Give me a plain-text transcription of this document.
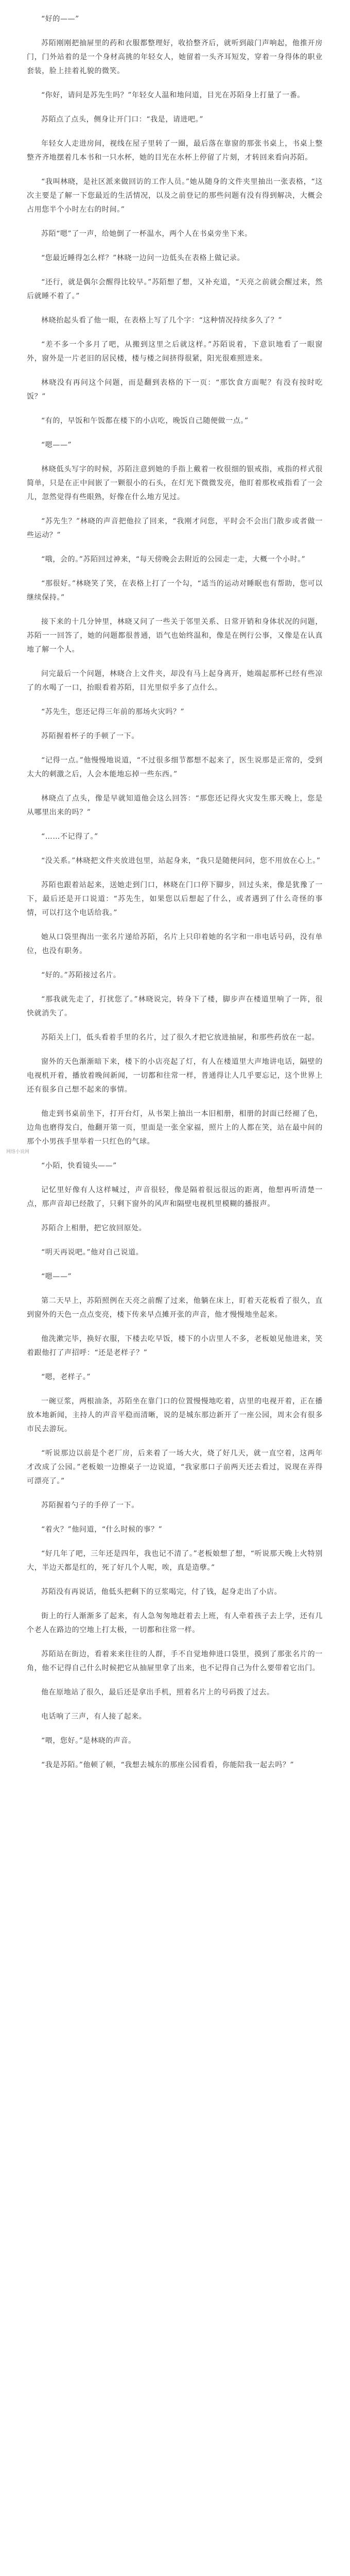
“好的——”

苏陌刚刚把抽屉里的药和衣服都整理好，收拾整齐后，就听到敲门声响起，他推开房门，门外站着的是一个身材高挑的年轻女人，她留着一头齐耳短发，穿着一身得体的职业套装，脸上挂着礼貌的微笑。

“你好，请问是苏先生吗？”年轻女人温和地问道，目光在苏陌身上打量了一番。

苏陌点了点头，侧身让开门口：“我是，请进吧。”

年轻女人走进房间，视线在屋子里转了一圈，最后落在靠窗的那张书桌上，书桌上整整齐齐地摆着几本书和一只水杯，她的目光在水杯上停留了片刻，才转回来看向苏陌。

“我叫林晓，是社区派来做回访的工作人员。”她从随身的文件夹里抽出一张表格，“这次主要是了解一下您最近的生活情况，以及之前登记的那些问题有没有得到解决，大概会占用您半个小时左右的时间。”

苏陌“嗯”了一声，给她倒了一杯温水，两个人在书桌旁坐下来。

“您最近睡得怎么样？”林晓一边问一边低头在表格上做记录。

“还行，就是偶尔会醒得比较早。”苏陌想了想，又补充道，“天亮之前就会醒过来，然后就睡不着了。”

林晓抬起头看了他一眼，在表格上写了几个字：“这种情况持续多久了？”

“差不多一个多月了吧，从搬到这里之后就这样。”苏陌说着，下意识地看了一眼窗外，窗外是一片老旧的居民楼，楼与楼之间挤得很紧，阳光很难照进来。

林晓没有再问这个问题，而是翻到表格的下一页：“那饮食方面呢？有没有按时吃饭？”

“有的，早饭和午饭都在楼下的小店吃，晚饭自己随便做一点。”

“嗯——”

林晓低头写字的时候，苏陌注意到她的手指上戴着一枚很细的银戒指，戒指的样式很简单，只是在正中间嵌了一颗很小的石头，在灯光下微微发亮，他盯着那枚戒指看了一会儿，忽然觉得有些眼熟，好像在什么地方见过。

“苏先生？”林晓的声音把他拉了回来，“我刚才问您，平时会不会出门散步或者做一些运动？”

“哦，会的。”苏陌回过神来，“每天傍晚会去附近的公园走一走，大概一个小时。”

“那很好。”林晓笑了笑，在表格上打了一个勾，“适当的运动对睡眠也有帮助，您可以继续保持。”

接下来的十几分钟里，林晓又问了一些关于邻里关系、日常开销和身体状况的问题，苏陌一一回答了，她的问题都很普通，语气也始终温和，像是在例行公事，又像是在认真地了解一个人。

问完最后一个问题，林晓合上文件夹，却没有马上起身离开，她端起那杯已经有些凉了的水喝了一口，抬眼看着苏陌，目光里似乎多了点什么。

“苏先生，您还记得三年前的那场火灾吗？”

苏陌握着杯子的手顿了一下。

“记得一点。”他慢慢地说道，“不过很多细节都想不起来了，医生说那是正常的，受到太大的刺激之后，人会本能地忘掉一些东西。”

林晓点了点头，像是早就知道他会这么回答：“那您还记得火灾发生那天晚上，您是从哪里出来的吗？”

“……不记得了。”

“没关系。”林晓把文件夹放进包里，站起身来，“我只是随便问问，您不用放在心上。”

苏陌也跟着站起来，送她走到门口，林晓在门口停下脚步，回过头来，像是犹豫了一下，最后还是开口说道：“苏先生，如果您以后想起了什么，或者遇到了什么奇怪的事情，可以打这个电话给我。”

她从口袋里掏出一张名片递给苏陌，名片上只印着她的名字和一串电话号码，没有单位，也没有职务。

“好的。”苏陌接过名片。

“那我就先走了，打扰您了。”林晓说完，转身下了楼，脚步声在楼道里响了一阵，很快就消失了。

苏陌关上门，低头看着手里的名片，过了很久才把它放进抽屉，和那些药放在一起。

窗外的天色渐渐暗下来，楼下的小店亮起了灯，有人在楼道里大声地讲电话，隔壁的电视机开着，播放着晚间新闻，一切都和往常一样，普通得让人几乎要忘记，这个世界上还有很多自己想不起来的事情。

他走到书桌前坐下，打开台灯，从书架上抽出一本旧相册，相册的封面已经褪了色，边角也磨得发白，他翻开第一页，里面是一张全家福，照片上的人都在笑，站在最中间的那个小男孩手里举着一只红色的气球。

“小陌，快看镜头——”

记忆里好像有人这样喊过，声音很轻，像是隔着很远很远的距离，他想再听清楚一点，那声音却已经散了，只剩下窗外的风声和隔壁电视机里模糊的播报声。

苏陌合上相册，把它放回原处。

“明天再说吧。”他对自己说道。

“嗯——”

第二天早上，苏陌照例在天亮之前醒了过来，他躺在床上，盯着天花板看了很久，直到窗外的天色一点点变亮，楼下传来早点摊开张的声音，他才慢慢地坐起来。

他洗漱完毕，换好衣服，下楼去吃早饭，楼下的小店里人不多，老板娘见他进来，笑着跟他打了声招呼：“还是老样子？”

“嗯，老样子。”

一碗豆浆，两根油条，苏陌坐在靠门口的位置慢慢地吃着，店里的电视开着，正在播放本地新闻，主持人的声音平稳而清晰，说的是城东那边新开了一座公园，周末会有很多市民去游玩。

“听说那边以前是个老厂房，后来着了一场大火，烧了好几天，就一直空着，这两年才改成了公园。”老板娘一边擦桌子一边说道，“我家那口子前两天还去看过，说现在弄得可漂亮了。”

苏陌握着勺子的手停了一下。

“着火？”他问道，“什么时候的事？”

“好几年了吧，三年还是四年，我也记不清了。”老板娘想了想，“听说那天晚上火特别大，半边天都是红的，死了好几个人呢，唉，真是造孽。”

苏陌没有再说话，他低头把剩下的豆浆喝完，付了钱，起身走出了小店。

街上的行人渐渐多了起来，有人急匆匆地赶着去上班，有人牵着孩子去上学，还有几个老人在路边的空地上打太极，一切都和往常一样。

苏陌站在街边，看着来来往往的人群，手不自觉地伸进口袋里，摸到了那张名片的一角，他不记得自己什么时候把它从抽屉里拿了出来，也不记得自己为什么要带着它出门。

他在原地站了很久，最后还是拿出手机，照着名片上的号码拨了过去。

电话响了三声，有人接了起来。

“喂，您好。”是林晓的声音。

“我是苏陌。”他顿了顿，“我想去城东的那座公园看看，你能陪我一起去吗？”

网络小说网
